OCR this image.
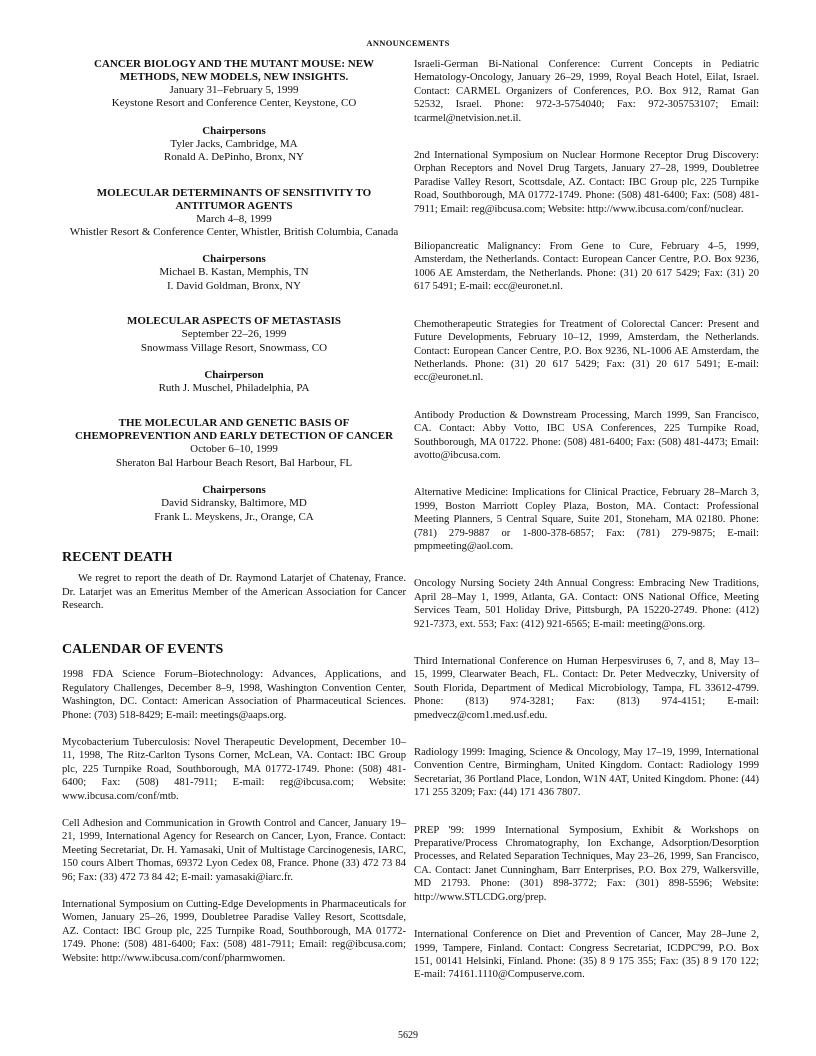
ANNOUNCEMENTS

CANCER BIOLOGY AND THE MUTANT MOUSE: NEW

METHODS, NEW MODELS, NEW INSIGHTS.

January 31–February 5, 1999

Keystone Resort and Conference Center, Keystone, CO

Chairpersons

Tyler Jacks, Cambridge, MA

Ronald A. DePinho, Bronx, NY

MOLECULAR DETERMINANTS OF SENSITIVITY TO

ANTITUMOR AGENTS

March 4–8, 1999

Whistler Resort & Conference Center, Whistler, British Columbia, Canada

Chairpersons

Michael B. Kastan, Memphis, TN

I. David Goldman, Bronx, NY

MOLECULAR ASPECTS OF METASTASIS

September 22–26, 1999

Snowmass Village Resort, Snowmass, CO

Chairperson

Ruth J. Muschel, Philadelphia, PA

THE MOLECULAR AND GENETIC BASIS OF

CHEMOPREVENTION AND EARLY DETECTION OF CANCER

October 6–10, 1999

Sheraton Bal Harbour Beach Resort, Bal Harbour, FL

Chairpersons

David Sidransky, Baltimore, MD

Frank L. Meyskens, Jr., Orange, CA

RECENT DEATH

We regret to report the death of Dr. Raymond Latarjet of Chatenay, France. Dr. Latarjet was an Emeritus Member of the American Association for Cancer Research.

CALENDAR OF EVENTS

1998 FDA Science Forum–Biotechnology: Advances, Applications, and Regulatory Challenges, December 8–9, 1998, Washington Convention Center, Washington, DC. Contact: American Association of Pharmaceutical Sciences. Phone: (703) 518-8429; E-mail: meetings@aaps.org.

Mycobacterium Tuberculosis: Novel Therapeutic Development, December 10–11, 1998, The Ritz-Carlton Tysons Corner, McLean, VA. Contact: IBC Group plc, 225 Turnpike Road, Southborough, MA 01772-1749. Phone: (508) 481-6400; Fax: (508) 481-7911; E-mail: reg@ibcusa.com; Website: www.ibcusa.com/conf/mtb.

Cell Adhesion and Communication in Growth Control and Cancer, January 19–21, 1999, International Agency for Research on Cancer, Lyon, France. Contact: Meeting Secretariat, Dr. H. Yamasaki, Unit of Multistage Carcinogenesis, IARC, 150 cours Albert Thomas, 69372 Lyon Cedex 08, France. Phone (33) 472 73 84 96; Fax: (33) 472 73 84 42; E-mail: yamasaki@iarc.fr.

International Symposium on Cutting-Edge Developments in Pharmaceuticals for Women, January 25–26, 1999, Doubletree Paradise Valley Resort, Scottsdale, AZ. Contact: IBC Group plc, 225 Turnpike Road, Southborough, MA 01772-1749. Phone: (508) 481-6400; Fax: (508) 481-7911; Email: reg@ibcusa.com; Website: http://www.ibcusa.com/conf/pharmwomen.

Israeli-German Bi-National Conference: Current Concepts in Pediatric Hematology-Oncology, January 26–29, 1999, Royal Beach Hotel, Eilat, Israel. Contact: CARMEL Organizers of Conferences, P.O. Box 912, Ramat Gan 52532, Israel. Phone: 972-3-5754040; Fax: 972-305753107; Email: tcarmel@netvision.net.il.

2nd International Symposium on Nuclear Hormone Receptor Drug Discovery: Orphan Receptors and Novel Drug Targets, January 27–28, 1999, Doubletree Paradise Valley Resort, Scottsdale, AZ. Contact: IBC Group plc, 225 Turnpike Road, Southborough, MA 01772-1749. Phone: (508) 481-6400; Fax: (508) 481-7911; Email: reg@ibcusa.com; Website: http://www.ibcusa.com/conf/nuclear.

Biliopancreatic Malignancy: From Gene to Cure, February 4–5, 1999, Amsterdam, the Netherlands. Contact: European Cancer Centre, P.O. Box 9236, 1006 AE Amsterdam, the Netherlands. Phone: (31) 20 617 5429; Fax: (31) 20 617 5491; E-mail: ecc@euronet.nl.

Chemotherapeutic Strategies for Treatment of Colorectal Cancer: Present and Future Developments, February 10–12, 1999, Amsterdam, the Netherlands. Contact: European Cancer Centre, P.O. Box 9236, NL-1006 AE Amsterdam, the Netherlands. Phone: (31) 20 617 5429; Fax: (31) 20 617 5491; E-mail: ecc@euronet.nl.

Antibody Production & Downstream Processing, March 1999, San Francisco, CA. Contact: Abby Votto, IBC USA Conferences, 225 Turnpike Road, Southborough, MA 01722. Phone: (508) 481-6400; Fax: (508) 481-4473; Email: avotto@ibcusa.com.

Alternative Medicine: Implications for Clinical Practice, February 28–March 3, 1999, Boston Marriott Copley Plaza, Boston, MA. Contact: Professional Meeting Planners, 5 Central Square, Suite 201, Stoneham, MA 02180. Phone: (781) 279-9887 or 1-800-378-6857; Fax: (781) 279-9875; E-mail: pmpmeeting@aol.com.

Oncology Nursing Society 24th Annual Congress: Embracing New Traditions, April 28–May 1, 1999, Atlanta, GA. Contact: ONS National Office, Meeting Services Team, 501 Holiday Drive, Pittsburgh, PA 15220-2749. Phone: (412) 921-7373, ext. 553; Fax: (412) 921-6565; E-mail: meeting@ons.org.

Third International Conference on Human Herpesviruses 6, 7, and 8, May 13–15, 1999, Clearwater Beach, FL. Contact: Dr. Peter Medveczky, University of South Florida, Department of Medical Microbiology, Tampa, FL 33612-4799. Phone: (813) 974-3281; Fax: (813) 974-4151; E-mail: pmedvecz@com1.med.usf.edu.

Radiology 1999: Imaging, Science & Oncology, May 17–19, 1999, International Convention Centre, Birmingham, United Kingdom. Contact: Radiology 1999 Secretariat, 36 Portland Place, London, W1N 4AT, United Kingdom. Phone: (44) 171 255 3209; Fax: (44) 171 436 7807.

PREP '99: 1999 International Symposium, Exhibit & Workshops on Preparative/Process Chromatography, Ion Exchange, Adsorption/Desorption Processes, and Related Separation Techniques, May 23–26, 1999, San Francisco, CA. Contact: Janet Cunningham, Barr Enterprises, P.O. Box 279, Walkersville, MD 21793. Phone: (301) 898-3772; Fax: (301) 898-5596; Website: http://www.STLCDG.org/prep.

International Conference on Diet and Prevention of Cancer, May 28–June 2, 1999, Tampere, Finland. Contact: Congress Secretariat, ICDPC'99, P.O. Box 151, 00141 Helsinki, Finland. Phone: (35) 8 9 175 355; Fax: (35) 8 9 170 122; E-mail: 74161.1110@Compuserve.com.

5629
